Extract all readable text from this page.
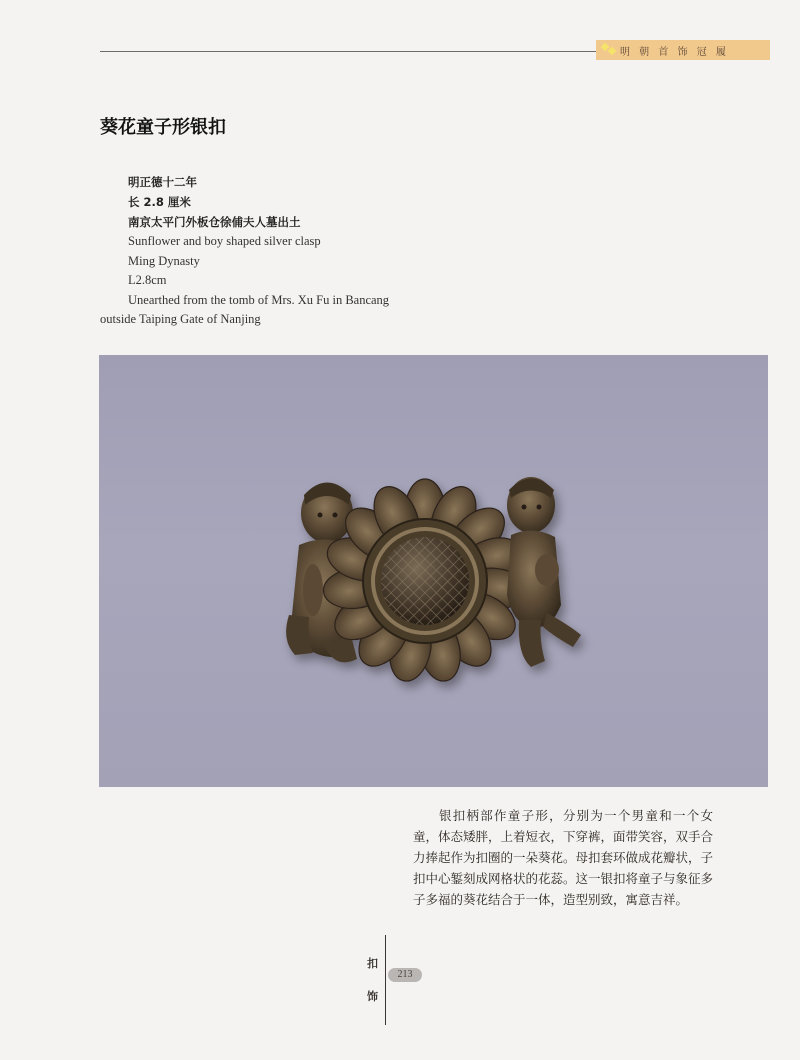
明 朝 首 饰 冠 履
葵花童子形银扣
明正德十二年
长 2.8 厘米
南京太平门外板仓徐俌夫人墓出土
Sunflower and boy shaped silver clasp
Ming Dynasty
L2.8cm
Unearthed from the tomb of Mrs. Xu Fu in Bancang outside Taiping Gate of Nanjing
银扣柄部作童子形，分别为一个男童和一个女童，体态矮胖，上着短衣，下穿裤，面带笑容，双手合力捧起作为扣圈的一朵葵花。母扣套环做成花瓣状，子扣中心錾刻成网格状的花蕊。这一银扣将童子与象征多子多福的葵花结合于一体，造型别致，寓意吉祥。
扣
饰
213
